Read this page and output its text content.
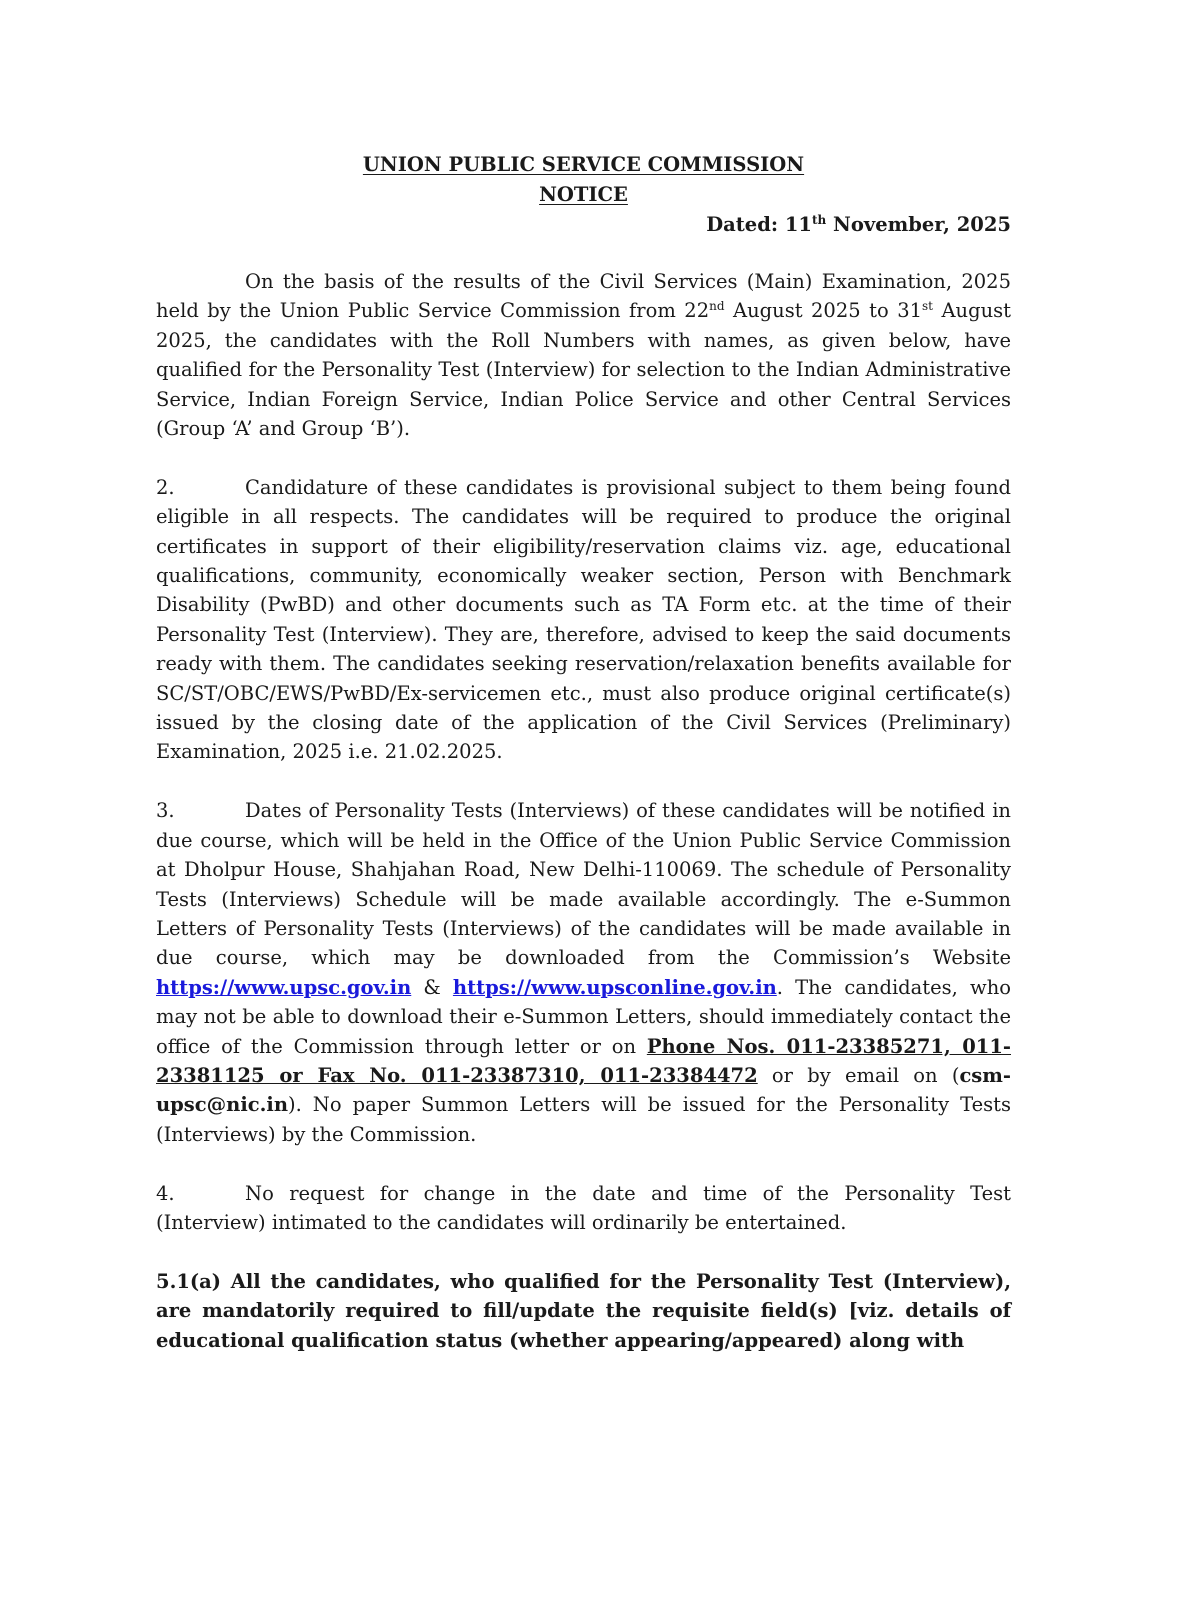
UNION PUBLIC SERVICE COMMISSION

NOTICE

Dated: 11th November, 2025

On the basis of the results of the Civil Services (Main) Examination, 2025 held by the Union Public Service Commission from 22nd August 2025 to 31st August 2025, the candidates with the Roll Numbers with names, as given below, have qualified for the Personality Test (Interview) for selection to the Indian Administrative Service, Indian Foreign Service, Indian Police Service and other Central Services (Group ‘A’ and Group ‘B’).

2.	Candidature of these candidates is provisional subject to them being found eligible in all respects. The candidates will be required to produce the original certificates in support of their eligibility/reservation claims viz. age, educational qualifications, community, economically weaker section, Person with Benchmark Disability (PwBD) and other documents such as TA Form etc. at the time of their Personality Test (Interview). They are, therefore, advised to keep the said documents ready with them. The candidates seeking reservation/relaxation benefits available for SC/ST/OBC/EWS/PwBD/Ex-servicemen etc., must also produce original certificate(s) issued by the closing date of the application of the Civil Services (Preliminary) Examination, 2025 i.e. 21.02.2025.

3.	Dates of Personality Tests (Interviews) of these candidates will be notified in due course, which will be held in the Office of the Union Public Service Commission at Dholpur House, Shahjahan Road, New Delhi-110069. The schedule of Personality Tests (Interviews) Schedule will be made available accordingly. The e-Summon Letters of Personality Tests (Interviews) of the candidates will be made available in due course, which may be downloaded from the Commission’s Website https://www.upsc.gov.in & https://www.upsconline.gov.in. The candidates, who may not be able to download their e-Summon Letters, should immediately contact the office of the Commission through letter or on Phone Nos. 011-23385271, 011-23381125 or Fax No. 011-23387310, 011-23384472 or by email on (csm-upsc@nic.in). No paper Summon Letters will be issued for the Personality Tests (Interviews) by the Commission.

4.	No request for change in the date and time of the Personality Test (Interview) intimated to the candidates will ordinarily be entertained.

5.1(a) All the candidates, who qualified for the Personality Test (Interview), are mandatorily required to fill/update the requisite field(s) [viz. details of educational qualification status (whether appearing/appeared) along with
